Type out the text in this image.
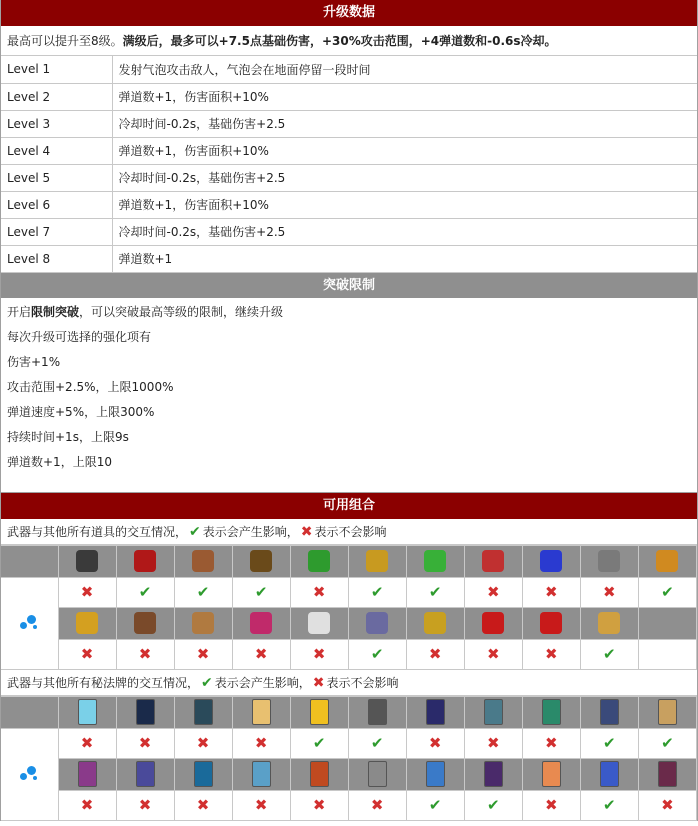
升级数据
最高可以提升至8级。满级后，最多可以+7.5点基础伤害，+30%攻击范围，+4弹道数和-0.6s冷却。
Level 1	发射气泡攻击敌人，气泡会在地面停留一段时间
Level 2	弹道数+1，伤害面积+10%
Level 3	冷却时间-0.2s，基础伤害+2.5
Level 4	弹道数+1，伤害面积+10%
Level 5	冷却时间-0.2s，基础伤害+2.5
Level 6	弹道数+1，伤害面积+10%
Level 7	冷却时间-0.2s，基础伤害+2.5
Level 8	弹道数+1
突破限制
开启限制突破，可以突破最高等级的限制，继续升级
每次升级可选择的强化项有
伤害+1%
攻击范围+2.5%，上限1000%
弹道速度+5%，上限300%
持续时间+1s，上限9s
弹道数+1，上限10
可用组合
武器与其他所有道具的交互情况， ✔ 表示会产生影响， ✖ 表示不会影响

	✖	✔	✔	✔	✖	✔	✔	✖	✖	✖	✔

	✖	✖	✖	✖	✖	✔	✖	✖	✖	✔	
武器与其他所有秘法牌的交互情况， ✔ 表示会产生影响， ✖ 表示不会影响

	✖	✖	✖	✖	✔	✔	✖	✖	✖	✔	✔

	✖	✖	✖	✖	✖	✖	✔	✔	✖	✔	✖
